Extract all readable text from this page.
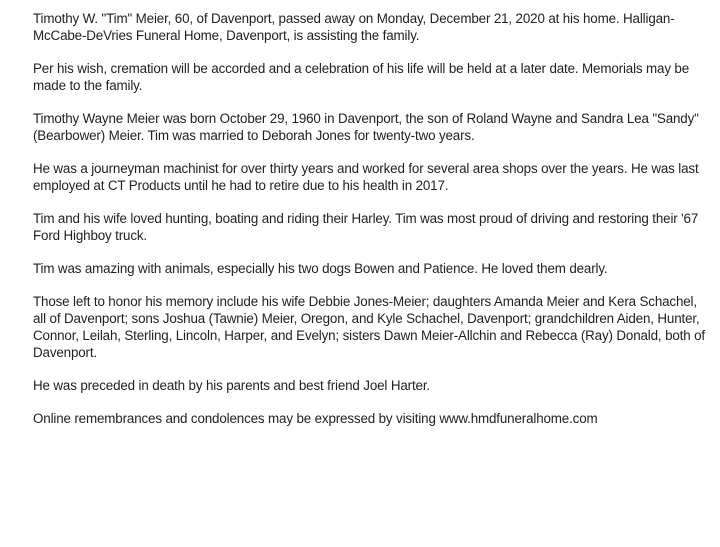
Timothy W. "Tim" Meier, 60, of Davenport, passed away on Monday, December 21, 2020 at his home. Halligan-McCabe-DeVries Funeral Home, Davenport, is assisting the family.

Per his wish, cremation will be accorded and a celebration of his life will be held at a later date. Memorials may be made to the family.

Timothy Wayne Meier was born October 29, 1960 in Davenport, the son of Roland Wayne and Sandra Lea "Sandy" (Bearbower) Meier. Tim was married to Deborah Jones for twenty-two years.

He was a journeyman machinist for over thirty years and worked for several area shops over the years. He was last employed at CT Products until he had to retire due to his health in 2017.

Tim and his wife loved hunting, boating and riding their Harley. Tim was most proud of driving and restoring their '67 Ford Highboy truck.

Tim was amazing with animals, especially his two dogs Bowen and Patience. He loved them dearly.

Those left to honor his memory include his wife Debbie Jones-Meier; daughters Amanda Meier and Kera Schachel, all of Davenport; sons Joshua (Tawnie) Meier, Oregon, and Kyle Schachel, Davenport; grandchildren Aiden, Hunter, Connor, Leilah, Sterling, Lincoln, Harper, and Evelyn; sisters Dawn Meier-Allchin and Rebecca (Ray) Donald, both of Davenport.

He was preceded in death by his parents and best friend Joel Harter.

Online remembrances and condolences may be expressed by visiting www.hmdfuneralhome.com
